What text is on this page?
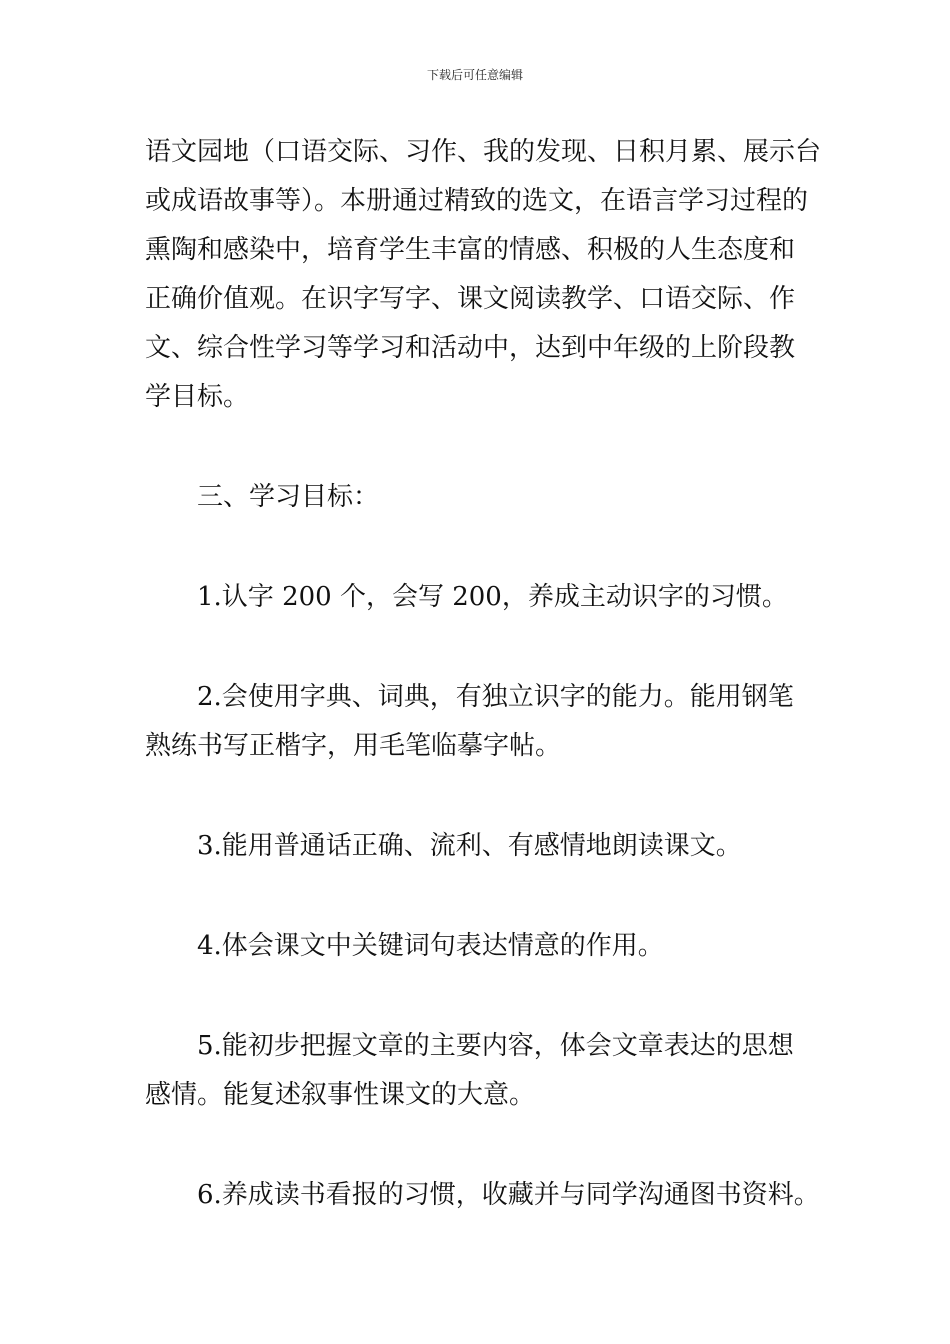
下载后可任意编辑

语文园地（口语交际、习作、我的发现、日积月累、展示台

或成语故事等）。本册通过精致的选文，在语言学习过程的

熏陶和感染中，培育学生丰富的情感、积极的人生态度和

正确价值观。在识字写字、课文阅读教学、口语交际、作

文、综合性学习等学习和活动中，达到中年级的上阶段教

学目标。

三、学习目标：

1.认字 200 个，会写 200，养成主动识字的习惯。

2.会使用字典、词典，有独立识字的能力。能用钢笔

熟练书写正楷字，用毛笔临摹字帖。

3.能用普通话正确、流利、有感情地朗读课文。

4.体会课文中关键词句表达情意的作用。

5.能初步把握文章的主要内容，体会文章表达的思想

感情。能复述叙事性课文的大意。

6.养成读书看报的习惯，收藏并与同学沟通图书资料。
